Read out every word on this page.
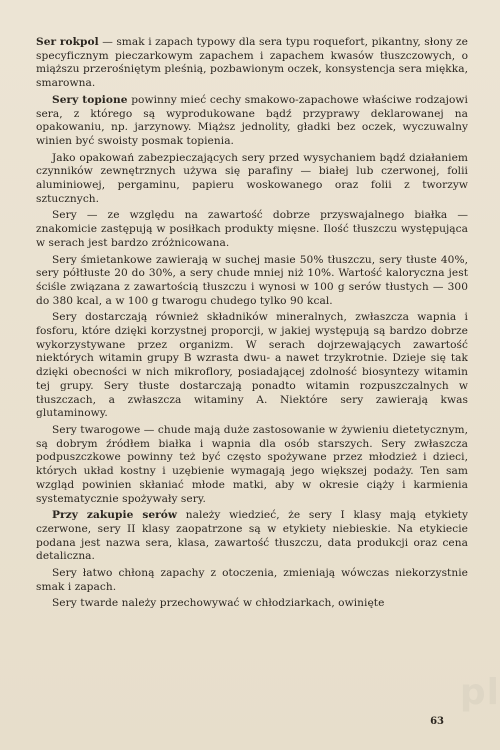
Ser rokpol — smak i zapach typowy dla sera typu roquefort, pikantny, słony ze specyficznym pieczarkowym zapachem i zapachem kwasów tłuszczowych, o miąższu przerośniętym pleśnią, pozbawionym oczek, konsystencja sera miękka, smarowna.

Sery topione powinny mieć cechy smakowo-zapachowe właściwe rodzajowi sera, z którego są wyprodukowane bądź przyprawy deklarowanej na opakowaniu, np. jarzynowy. Miąższ jednolity, gładki bez oczek, wyczuwalny winien być swoisty posmak topienia.

Jako opakowań zabezpieczających sery przed wysychaniem bądź działaniem czynników zewnętrznych używa się parafiny — białej lub czerwonej, folii aluminiowej, pergaminu, papieru woskowanego oraz folii z tworzyw sztucznych.

Sery — ze względu na zawartość dobrze przyswajalnego białka — znakomicie zastępują w posiłkach produkty mięsne. Ilość tłuszczu występująca w serach jest bardzo zróżnicowana.

Sery śmietankowe zawierają w suchej masie 50% tłuszczu, sery tłuste 40%, sery półtłuste 20 do 30%, a sery chude mniej niż 10%. Wartość kaloryczna jest ściśle związana z zawartością tłuszczu i wynosi w 100 g serów tłustych — 300 do 380 kcal, a w 100 g twarogu chudego tylko 90 kcal.

Sery dostarczają również składników mineralnych, zwłaszcza wapnia i fosforu, które dzięki korzystnej proporcji, w jakiej występują są bardzo dobrze wykorzystywane przez organizm. W serach dojrzewających zawartość niektórych witamin grupy B wzrasta dwu- a nawet trzykrotnie. Dzieje się tak dzięki obecności w nich mikroflory, posiadającej zdolność biosyntezy witamin tej grupy. Sery tłuste dostarczają ponadto witamin rozpuszczalnych w tłuszczach, a zwłaszcza witaminy A. Niektóre sery zawierają kwas glutaminowy.

Sery twarogowe — chude mają duże zastosowanie w żywieniu dietetycznym, są dobrym źródłem białka i wapnia dla osób starszych. Sery zwłaszcza podpuszczkowe powinny też być często spożywane przez młodzież i dzieci, których układ kostny i uzębienie wymagają jego większej podaży. Ten sam wzgląd powinien skłaniać młode matki, aby w okresie ciąży i karmienia systematycznie spożywały sery.

Przy zakupie serów należy wiedzieć, że sery I klasy mają etykiety czerwone, sery II klasy zaopatrzone są w etykiety niebieskie. Na etykiecie podana jest nazwa sera, klasa, zawartość tłuszczu, data produkcji oraz cena detaliczna.

Sery łatwo chłoną zapachy z otoczenia, zmieniają wówczas niekorzystnie smak i zapach.

Sery twarde należy przechowywać w chłodziarkach, owinięte

pl
63
